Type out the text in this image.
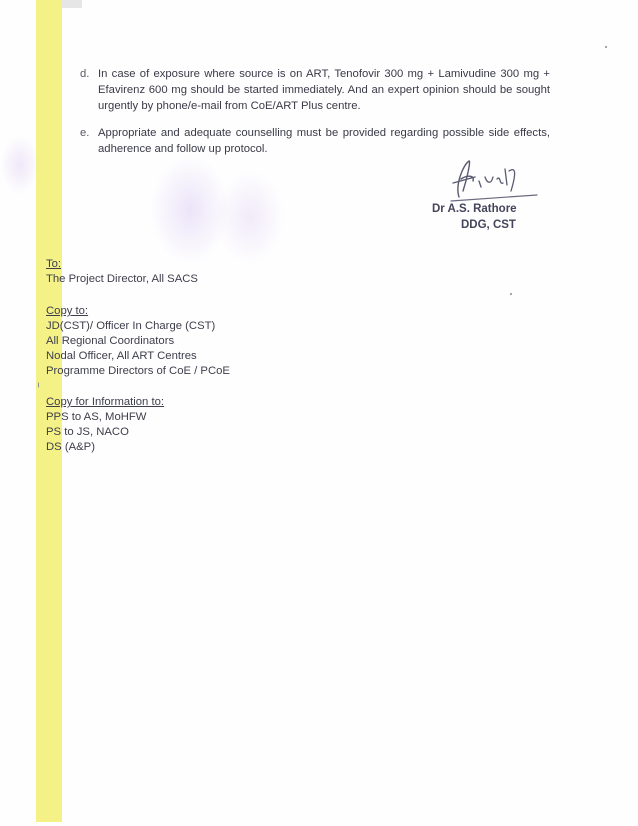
d. In case of exposure where source is on ART, Tenofovir 300 mg + Lamivudine 300 mg + Efavirenz 600 mg should be started immediately. And an expert opinion should be sought urgently by phone/e-mail from CoE/ART Plus centre.
e. Appropriate and adequate counselling must be provided regarding possible side effects, adherence and follow up protocol.
Dr A.S. Rathore
DDG, CST
To:
The Project Director, All SACS
Copy to:
JD(CST)/ Officer In Charge (CST)
All Regional Coordinators
Nodal Officer, All ART Centres
Programme Directors of CoE / PCoE
Copy for Information to:
PPS to AS, MoHFW
PS to JS, NACO
DS (A&P)
